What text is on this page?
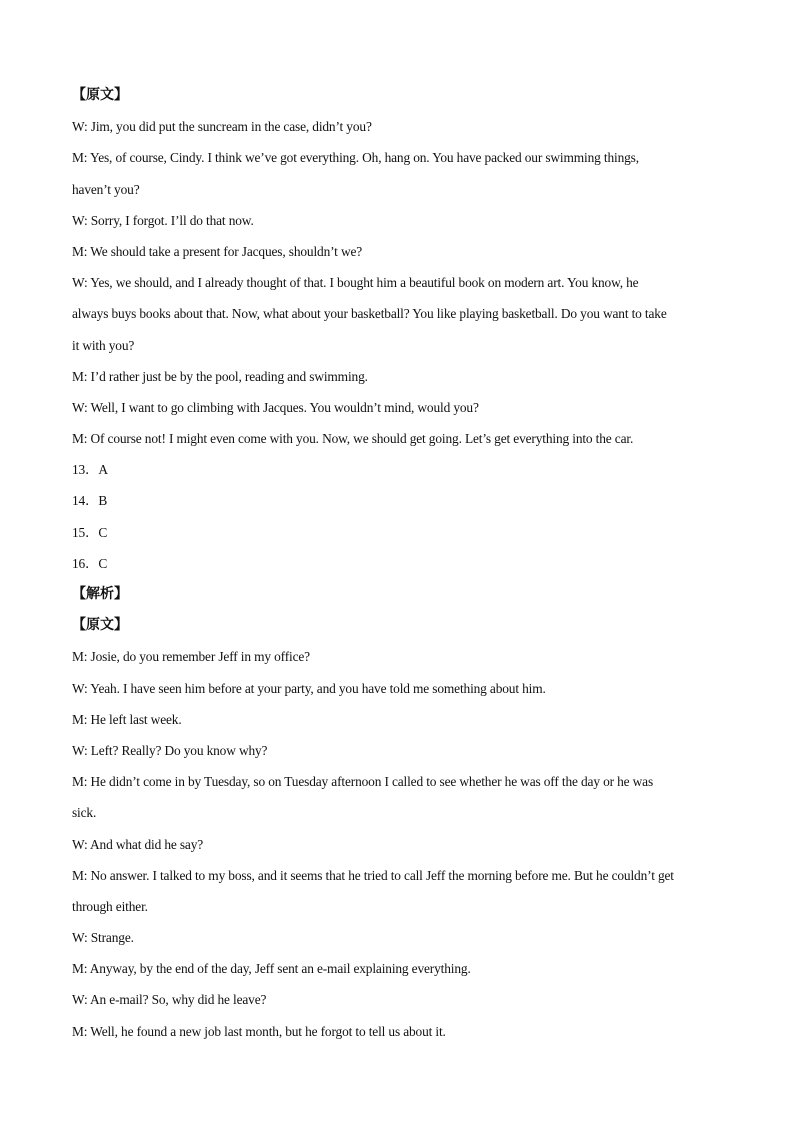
【原文】
W: Jim, you did put the suncream in the case, didn’t you?
M: Yes, of course, Cindy. I think we’ve got everything. Oh, hang on. You have packed our swimming things,
haven’t you?
W: Sorry, I forgot. I’ll do that now.
M: We should take a present for Jacques, shouldn’t we?
W: Yes, we should, and I already thought of that. I bought him a beautiful book on modern art. You know, he
always buys books about that. Now, what about your basketball? You like playing basketball. Do you want to take
it with you?
M: I’d rather just be by the pool, reading and swimming.
W: Well, I want to go climbing with Jacques. You wouldn’t mind, would you?
M: Of course not! I might even come with you. Now, we should get going. Let’s get everything into the car.
13．A
14．B
15．C
16．C
【解析】
【原文】
M: Josie, do you remember Jeff in my office?
W: Yeah. I have seen him before at your party, and you have told me something about him.
M: He left last week.
W: Left? Really? Do you know why?
M: He didn’t come in by Tuesday, so on Tuesday afternoon I called to see whether he was off the day or he was
sick.
W: And what did he say?
M: No answer. I talked to my boss, and it seems that he tried to call Jeff the morning before me. But he couldn’t get
through either.
W: Strange.
M: Anyway, by the end of the day, Jeff sent an e-mail explaining everything.
W: An e-mail? So, why did he leave?
M: Well, he found a new job last month, but he forgot to tell us about it.
